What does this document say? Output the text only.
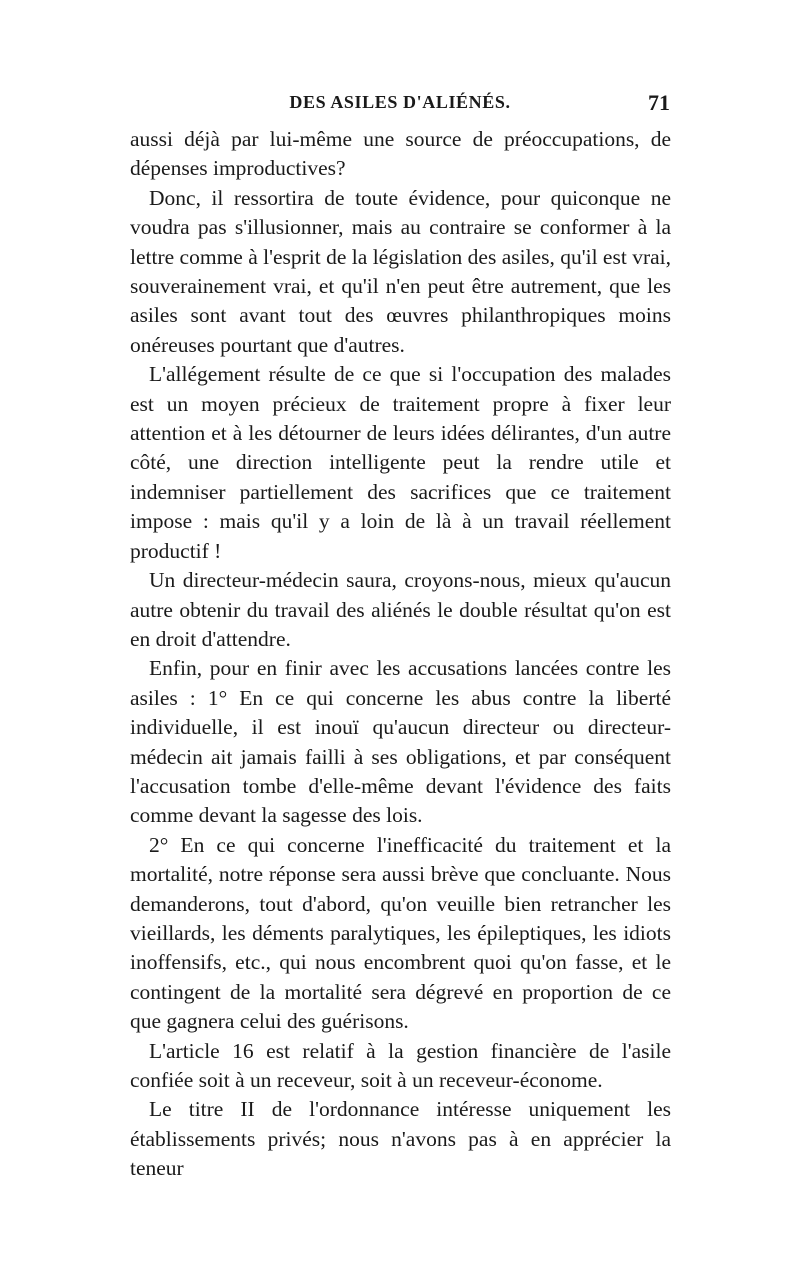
DES ASILES D'ALIÉNÉS.	71

aussi déjà par lui-même une source de préoccupations, de dépenses improductives?

Donc, il ressortira de toute évidence, pour quiconque ne voudra pas s'illusionner, mais au contraire se conformer à la lettre comme à l'esprit de la législation des asiles, qu'il est vrai, souverainement vrai, et qu'il n'en peut être autrement, que les asiles sont avant tout des œuvres philanthropiques moins onéreuses pourtant que d'autres.

L'allégement résulte de ce que si l'occupation des malades est un moyen précieux de traitement propre à fixer leur attention et à les détourner de leurs idées délirantes, d'un autre côté, une direction intelligente peut la rendre utile et indemniser partiellement des sacrifices que ce traitement impose : mais qu'il y a loin de là à un travail réellement productif !

Un directeur-médecin saura, croyons-nous, mieux qu'aucun autre obtenir du travail des aliénés le double résultat qu'on est en droit d'attendre.

Enfin, pour en finir avec les accusations lancées contre les asiles : 1° En ce qui concerne les abus contre la liberté individuelle, il est inouï qu'aucun directeur ou directeur-médecin ait jamais failli à ses obligations, et par conséquent l'accusation tombe d'elle-même devant l'évidence des faits comme devant la sagesse des lois.

2° En ce qui concerne l'inefficacité du traitement et la mortalité, notre réponse sera aussi brève que concluante. Nous demanderons, tout d'abord, qu'on veuille bien retrancher les vieillards, les déments paralytiques, les épileptiques, les idiots inoffensifs, etc., qui nous encombrent quoi qu'on fasse, et le contingent de la mortalité sera dégrevé en proportion de ce que gagnera celui des guérisons.

L'article 16 est relatif à la gestion financière de l'asile confiée soit à un receveur, soit à un receveur-économe.

Le titre II de l'ordonnance intéresse uniquement les établissements privés; nous n'avons pas à en apprécier la teneur
